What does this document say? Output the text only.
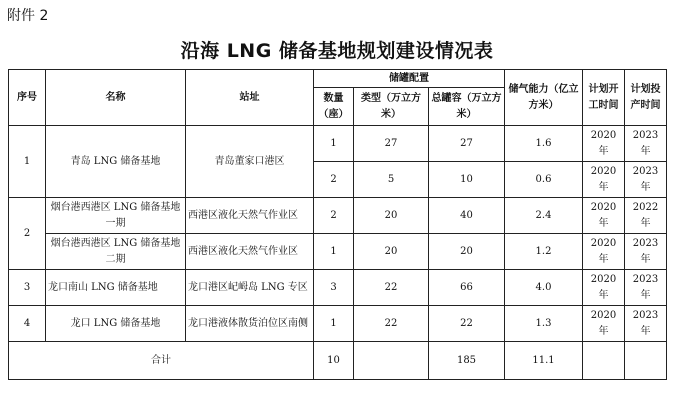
附件 2
沿海 LNG 储备基地规划建设情况表
序号	名称	站址	储罐配置			储气能力（亿立方米）	计划开工时间	计划投产时间
			数量（座）	类型（万立方米）	总罐容（万立方米）			
1	青岛 LNG 储备基地	青岛董家口港区	1	27	27	1.6	2020 年	2023 年
			2	5	10	0.6	2020 年	2023 年
2	烟台港西港区 LNG 储备基地一期	西港区液化天然气作业区	2	20	40	2.4	2020 年	2022 年
	烟台港西港区 LNG 储备基地二期	西港区液化天然气作业区	1	20	20	1.2	2020 年	2023 年
3	龙口南山 LNG 储备基地	龙口港区屺㟂岛 LNG 专区	3	22	66	4.0	2020 年	2023 年
4	龙口 LNG 储备基地	龙口港液体散货泊位区南侧	1	22	22	1.3	2020 年	2023 年
合计			10		185	11.1		
